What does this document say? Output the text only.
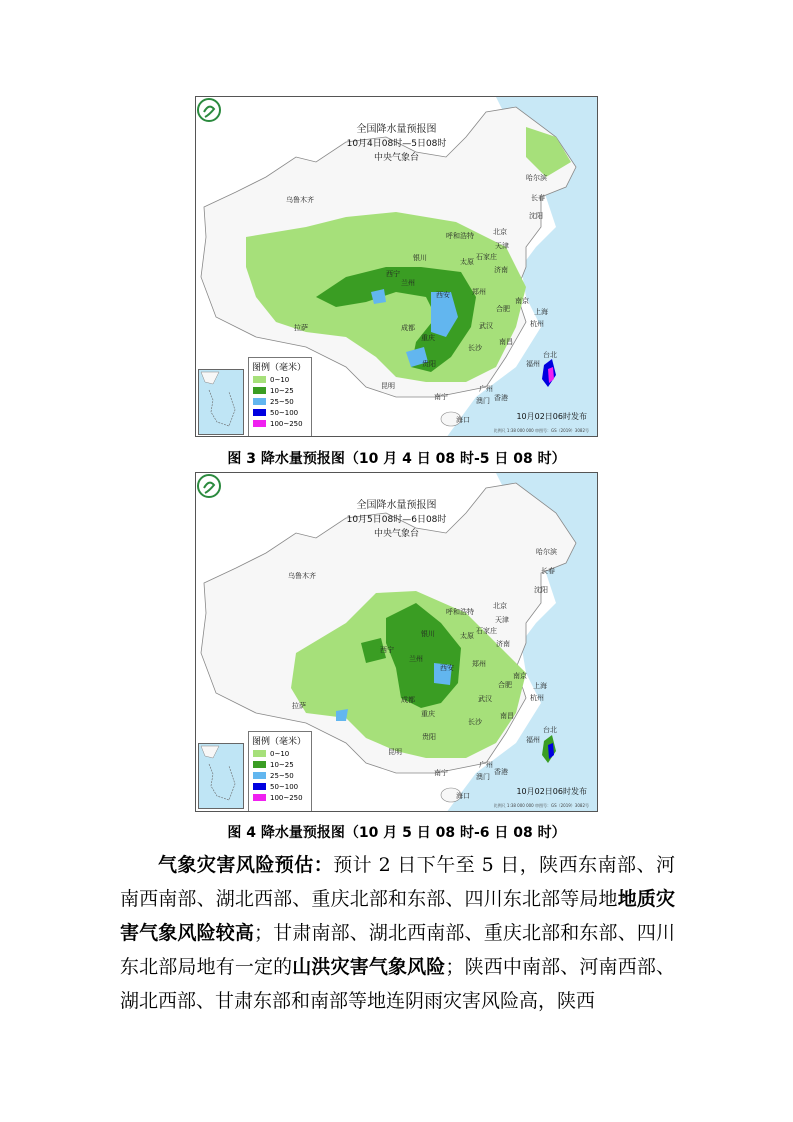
全国降水量预报图
10月4日08时—5日08时
中央气象台
哈尔滨
长春
乌鲁木齐
沈阳
呼和浩特	北京
天津
银川	太原
石家庄
西宁
兰州
济南
郑州
西安
南京
合肥	上海
拉萨	成都	武汉	杭州
重庆	南昌
长沙
福州
贵阳
台北
昆明	广州
南宁	澳门 香港
海口
图例（毫米）
0~10
10~25
25~50
50~100
100~250
10月02日06时发布
比例尺 1:38 000 000 审图号：GS（2019）3082号
图 3 降水量预报图（10 月 4 日 08 时-5 日 08 时）
全国降水量预报图
10月5日08时—6日08时
中央气象台
哈尔滨
长春
乌鲁木齐
沈阳
呼和浩特
北京
天津
银川	太原
石家庄
西宁
兰州
济南
郑州
西安
南京
合肥	上海
拉萨
成都	武汉	杭州
重庆	南昌
长沙
福州
贵阳
台北
昆明
广州
南宁	澳门
香港
海口
图例（毫米）
0~10
10~25
25~50
50~100
100~250
10月02日06时发布
比例尺 1:38 000 000 审图号：GS（2019）3082号
图 4 降水量预报图（10 月 5 日 08 时-6 日 08 时）
气象灾害风险预估：预计 2 日下午至 5 日，陕西东南部、河南西南部、湖北西部、重庆北部和东部、四川东北部等局地地质灾害气象风险较高；甘肃南部、湖北西南部、重庆北部和东部、四川东北部局地有一定的山洪灾害气象风险；陕西中南部、河南西部、湖北西部、甘肃东部和南部等地连阴雨灾害风险高，陕西
